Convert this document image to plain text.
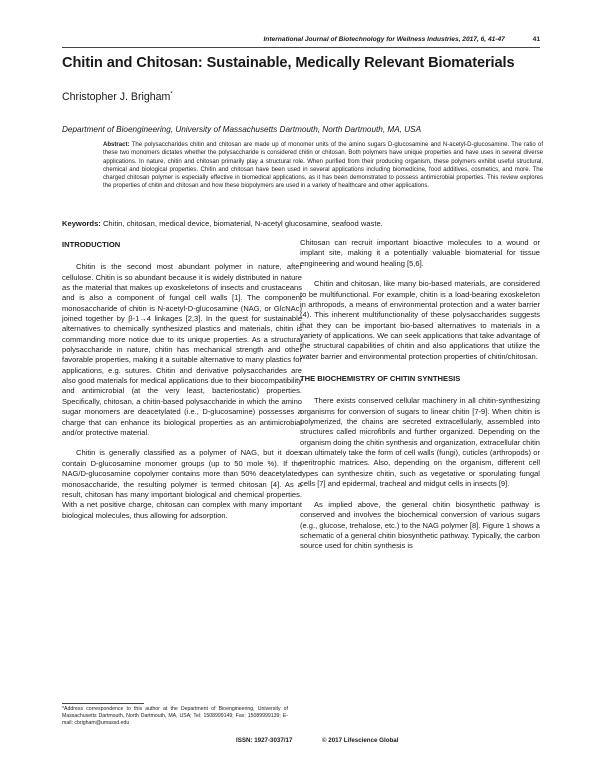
International Journal of Biotechnology for Wellness Industries, 2017, 6, 41-47	41
Chitin and Chitosan: Sustainable, Medically Relevant Biomaterials
Christopher J. Brigham*
Department of Bioengineering, University of Massachusetts Dartmouth, North Dartmouth, MA, USA
Abstract: The polysaccharides chitin and chitosan are made up of monomer units of the amino sugars D-glucosamine and N-acetyl-D-glucosamine. The ratio of these two monomers dictates whether the polysaccharide is considered chitin or chitosan. Both polymers have unique properties and have uses in several diverse applications. In nature, chitin and chitosan primarily play a structural role. When purified from their producing organism, these polymers exhibit useful structural, chemical and biological properties. Chitin and chitosan have been used in several applications including biomedicine, food additives, cosmetics, and more. The charged chitosan polymer is especially effective in biomedical applications, as it has been demonstrated to possess antimicrobial properties. This review explores the properties of chitin and chitosan and how these biopolymers are used in a variety of healthcare and other applications.
Keywords: Chitin, chitosan, medical device, biomaterial, N-acetyl glucosamine, seafood waste.
INTRODUCTION

Chitin is the second most abundant polymer in nature, after cellulose. Chitin is so abundant because it is widely distributed in nature as the material that makes up exoskeletons of insects and crustaceans and is also a component of fungal cell walls [1]. The component monosaccharide of chitin is N-acetyl-D-glucosamine (NAG, or GlcNAc) joined together by β-1→4 linkages [2,3]. In the quest for sustainable alternatives to chemically synthesized plastics and materials, chitin is commanding more notice due to its unique properties. As a structural polysaccharide in nature, chitin has mechanical strength and other favorable properties, making it a suitable alternative to many plastics for applications, e.g. sutures. Chitin and derivative polysaccharides are also good materials for medical applications due to their biocompatibility and antimicrobial (at the very least, bacteriostatic) properties. Specifically, chitosan, a chitin-based polysaccharide in which the amino sugar monomers are deacetylated (i.e., D-glucosamine) possesses a charge that can enhance its biological properties as an antimicrobial and/or protective material.

Chitin is generally classified as a polymer of NAG, but it does contain D-glucosamine monomer groups (up to 50 mole %). If the NAG/D-glucosamine copolymer contains more than 50% deacetylated monosaccharide, the resulting polymer is termed chitosan [4]. As a result, chitosan has many important biological and chemical properties. With a net positive charge, chitosan can complex with many important biological molecules, thus allowing for adsorption.

Chitosan can recruit important bioactive molecules to a wound or implant site, making it a potentially valuable biomaterial for tissue engineering and wound healing [5,6].

Chitin and chitosan, like many bio-based materials, are considered to be multifunctional. For example, chitin is a load-bearing exoskeleton in arthropods, a means of environmental protection and a water barrier (4). This inherent multifunctionality of these polysaccharides suggests that they can be important bio-based alternatives to materials in a variety of applications. We can seek applications that take advantage of the structural capabilities of chitin and also applications that utilize the water barrier and environmental protection properties of chitin/chitosan.

THE BIOCHEMISTRY OF CHITIN SYNTHESIS

There exists conserved cellular machinery in all chitin-synthesizing organisms for conversion of sugars to linear chitin [7-9]. When chitin is polymerized, the chains are secreted extracellularly, assembled into structures called microfibrils and further organized. Depending on the organism doing the chitin synthesis and organization, extracellular chitin can ultimately take the form of cell walls (fungi), cuticles (arthropods) or peritrophic matrices. Also, depending on the organism, different cell types can synthesize chitin, such as vegetative or sporulating fungal cells [7] and epidermal, tracheal and midgut cells in insects [9].

As implied above, the general chitin biosynthetic pathway is conserved and involves the biochemical conversion of various sugars (e.g., glucose, trehalose, etc.) to the NAG polymer [8]. Figure 1 shows a schematic of a general chitin biosynthetic pathway. Typically, the carbon source used for chitin synthesis is

*Address correspondence to this author at the Department of Bioengineering, University of Massachusetts Dartmouth, North Dartmouth, MA, USA; Tel: 1508999149; Fax: 15089999139; E-mail: cbrigham@umassd.edu
ISSN: 1927-3037/17	© 2017 Lifescience Global
